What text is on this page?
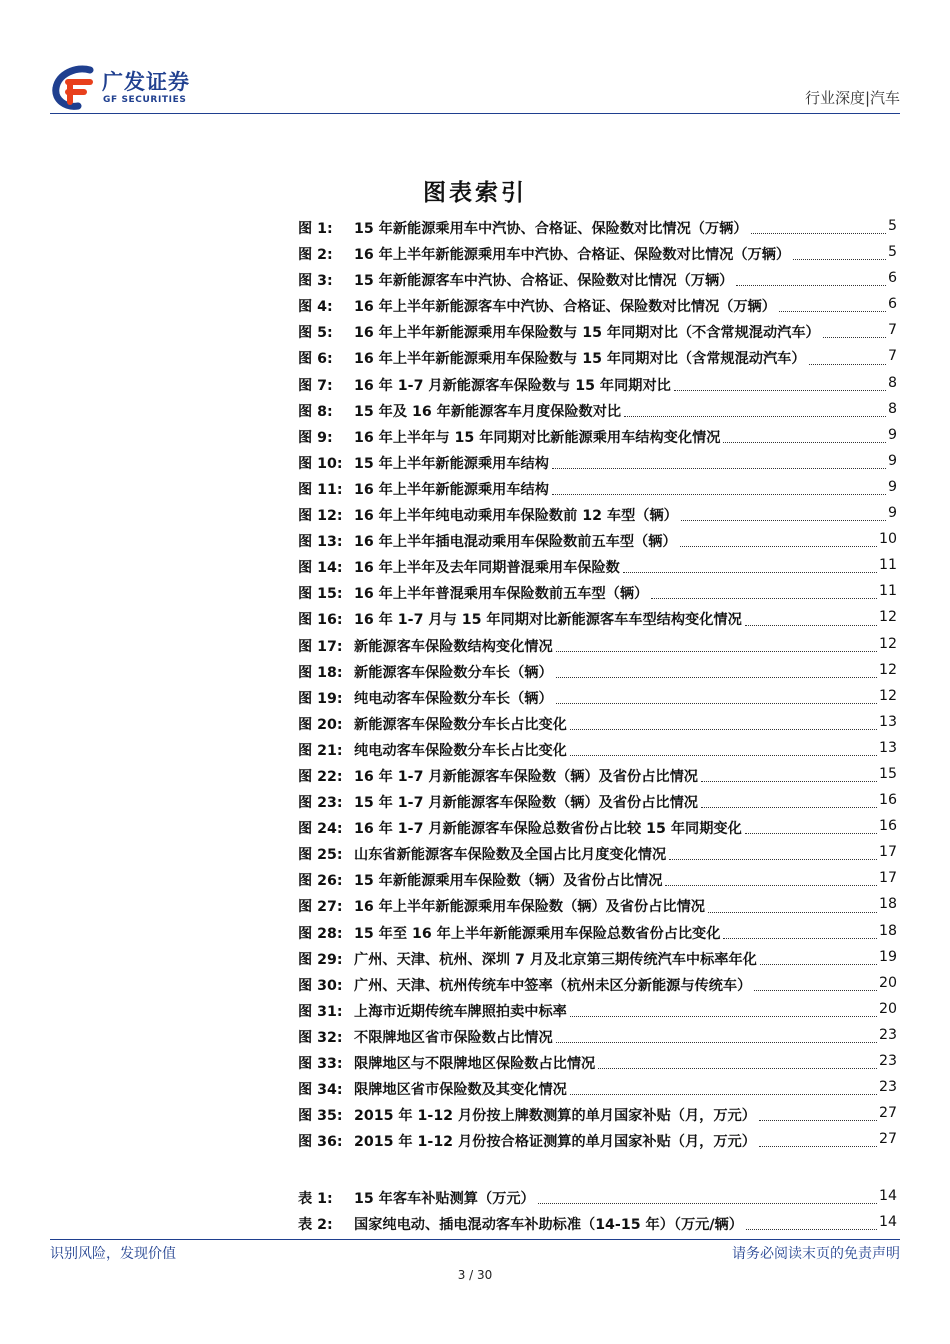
广发证券
GF SECURITIES	行业深度|汽车
图表索引
图 1: 15 年新能源乘用车中汽协、合格证、保险数对比情况（万辆）	5
图 2: 16 年上半年新能源乘用车中汽协、合格证、保险数对比情况（万辆）	5
图 3: 15 年新能源客车中汽协、合格证、保险数对比情况（万辆）	6
图 4: 16 年上半年新能源客车中汽协、合格证、保险数对比情况（万辆）	6
图 5: 16 年上半年新能源乘用车保险数与 15 年同期对比（不含常规混动汽车）	7
图 6: 16 年上半年新能源乘用车保险数与 15 年同期对比（含常规混动汽车）	7
图 7: 16 年 1-7 月新能源客车保险数与 15 年同期对比	8
图 8: 15 年及 16 年新能源客车月度保险数对比	8
图 9: 16 年上半年与 15 年同期对比新能源乘用车结构变化情况	9
图 10: 15 年上半年新能源乘用车结构	9
图 11: 16 年上半年新能源乘用车结构	9
图 12: 16 年上半年纯电动乘用车保险数前 12 车型（辆）	9
图 13: 16 年上半年插电混动乘用车保险数前五车型（辆）	10
图 14: 16 年上半年及去年同期普混乘用车保险数	11
图 15: 16 年上半年普混乘用车保险数前五车型（辆）	11
图 16: 16 年 1-7 月与 15 年同期对比新能源客车车型结构变化情况	12
图 17: 新能源客车保险数结构变化情况	12
图 18: 新能源客车保险数分车长（辆）	12
图 19: 纯电动客车保险数分车长（辆）	12
图 20: 新能源客车保险数分车长占比变化	13
图 21: 纯电动客车保险数分车长占比变化	13
图 22: 16 年 1-7 月新能源客车保险数（辆）及省份占比情况	15
图 23: 15 年 1-7 月新能源客车保险数（辆）及省份占比情况	16
图 24: 16 年 1-7 月新能源客车保险总数省份占比较 15 年同期变化	16
图 25: 山东省新能源客车保险数及全国占比月度变化情况	17
图 26: 15 年新能源乘用车保险数（辆）及省份占比情况	17
图 27: 16 年上半年新能源乘用车保险数（辆）及省份占比情况	18
图 28: 15 年至 16 年上半年新能源乘用车保险总数省份占比变化	18
图 29: 广州、天津、杭州、深圳 7 月及北京第三期传统汽车中标率年化	19
图 30: 广州、天津、杭州传统车中签率（杭州未区分新能源与传统车）	20
图 31: 上海市近期传统车牌照拍卖中标率	20
图 32: 不限牌地区省市保险数占比情况	23
图 33: 限牌地区与不限牌地区保险数占比情况	23
图 34: 限牌地区省市保险数及其变化情况	23
图 35: 2015 年 1-12 月份按上牌数测算的单月国家补贴（月，万元）	27
图 36: 2015 年 1-12 月份按合格证测算的单月国家补贴（月，万元）	27
表 1: 15 年客车补贴测算（万元）	14
表 2: 国家纯电动、插电混动客车补助标准（14-15 年）（万元/辆）	14
识别风险，发现价值	请务必阅读末页的免责声明
3 / 30
